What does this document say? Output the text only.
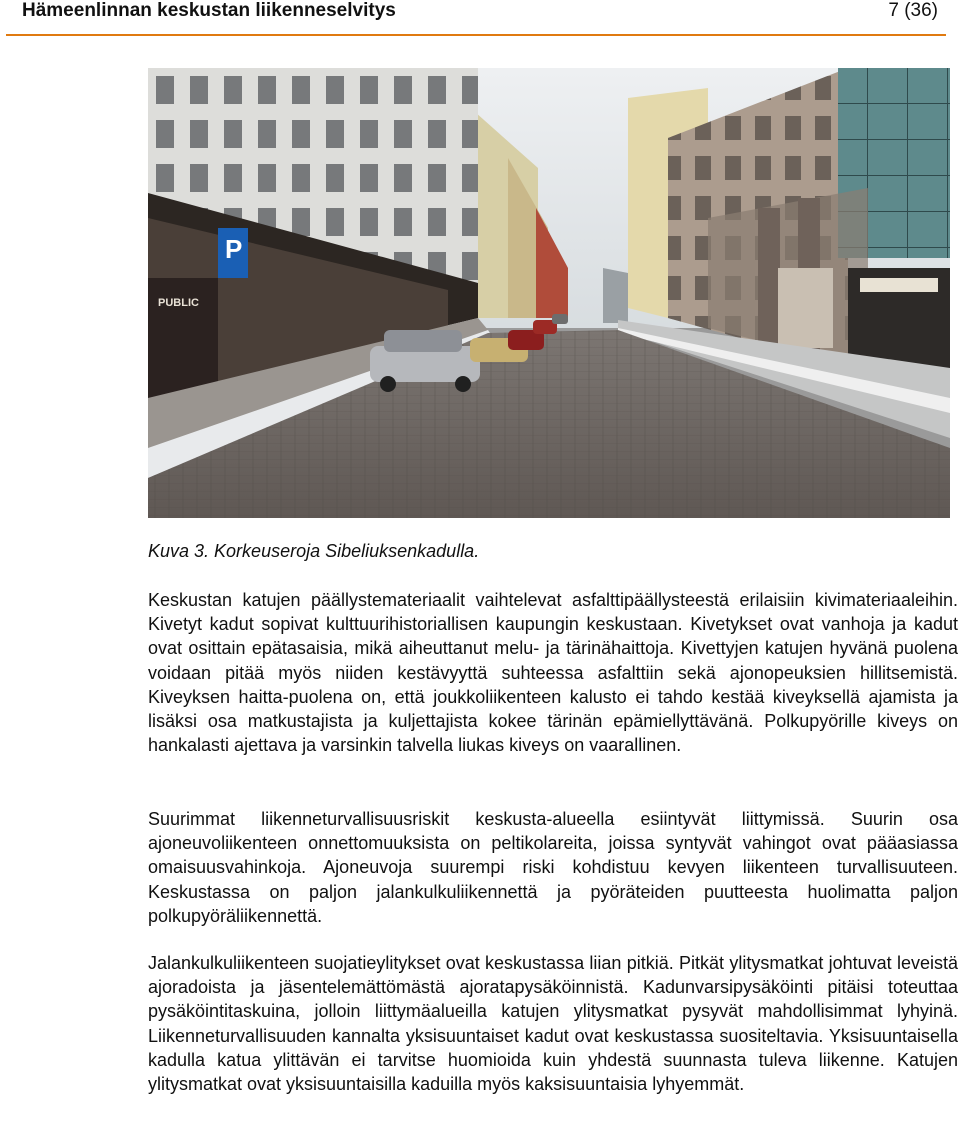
Hämeenlinnan keskustan liikenneselvitys	7 (36)
PUBLIC
P
Kuva 3. Korkeuseroja Sibeliuksenkadulla.

Keskustan katujen päällystemateriaalit vaihtelevat asfalttipäällysteestä erilaisiin kivimateriaaleihin. Kivetyt kadut sopivat kulttuurihistoriallisen kaupungin keskustaan. Kivetykset ovat vanhoja ja kadut ovat osittain epätasaisia, mikä aiheuttanut melu- ja tärinähaittoja. Kivettyjen katujen hyvänä puolena voidaan pitää myös niiden kestävyyttä suhteessa asfalttiin sekä ajonopeuksien hillitsemistä. Kiveyksen haitta-puolena on, että joukkoliikenteen kalusto ei tahdo kestää kiveyksellä ajamista ja lisäksi osa matkustajista ja kuljettajista kokee tärinän epämiellyttävänä. Polkupyörille kiveys on hankalasti ajettava ja varsinkin talvella liukas kiveys on vaarallinen.

Suurimmat liikenneturvallisuusriskit keskusta-alueella esiintyvät liittymissä. Suurin osa ajoneuvoliikenteen onnettomuuksista on peltikolareita, joissa syntyvät vahingot ovat pääasiassa omaisuusvahinkoja. Ajoneuvoja suurempi riski kohdistuu kevyen liikenteen turvallisuuteen. Keskustassa on paljon jalankulkuliikennettä ja pyöräteiden puutteesta huolimatta paljon polkupyöräliikennettä.

Jalankulkuliikenteen suojatieylitykset ovat keskustassa liian pitkiä. Pitkät ylitysmatkat johtuvat leveistä ajoradoista ja jäsentelemättömästä ajoratapysäköinnistä. Kadunvarsipysäköinti pitäisi toteuttaa pysäköintitaskuina, jolloin liittymäalueilla katujen ylitysmatkat pysyvät mahdollisimmat lyhyinä. Liikenneturvallisuuden kannalta yksisuuntaiset kadut ovat keskustassa suositeltavia. Yksisuuntaisella kadulla katua ylittävän ei tarvitse huomioida kuin yhdestä suunnasta tuleva liikenne. Katujen ylitysmatkat ovat yksisuuntaisilla kaduilla myös kaksisuuntaisia lyhyemmät.
